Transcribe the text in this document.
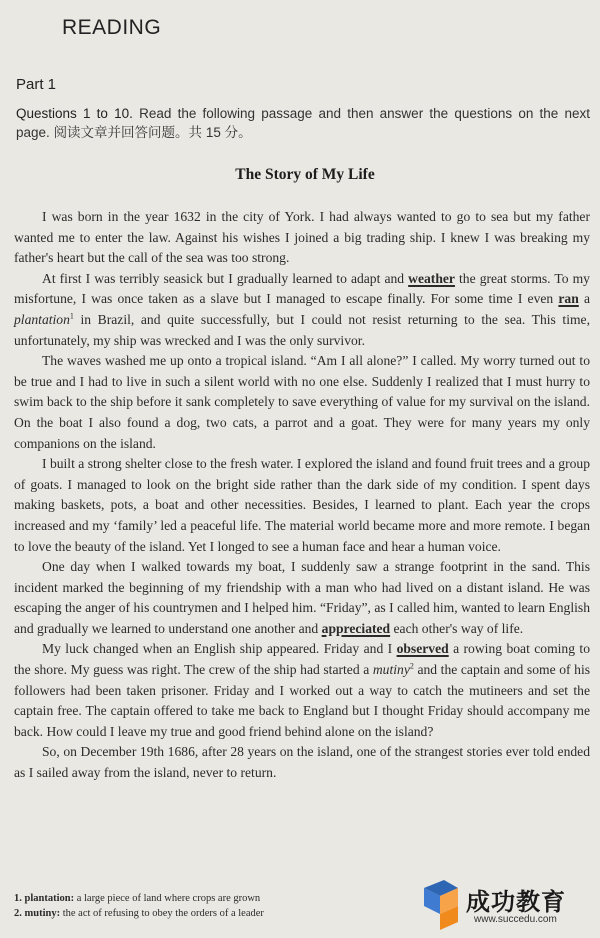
READING
Part 1
Questions 1 to 10. Read the following passage and then answer the questions on the next page. 阅读文章并回答问题。共 15 分。
The Story of My Life

I was born in the year 1632 in the city of York. I had always wanted to go to sea but my father wanted me to enter the law. Against his wishes I joined a big trading ship. I knew I was breaking my father's heart but the call of the sea was too strong.

At first I was terribly seasick but I gradually learned to adapt and weather the great storms. To my misfortune, I was once taken as a slave but I managed to escape finally. For some time I even ran a plantation$^1$ in Brazil, and quite successfully, but I could not resist returning to the sea. This time, unfortunately, my ship was wrecked and I was the only survivor.

The waves washed me up onto a tropical island. “Am I all alone?” I called. My worry turned out to be true and I had to live in such a silent world with no one else. Suddenly I realized that I must hurry to swim back to the ship before it sank completely to save everything of value for my survival on the island. On the boat I also found a dog, two cats, a parrot and a goat. They were for many years my only companions on the island.

I built a strong shelter close to the fresh water. I explored the island and found fruit trees and a group of goats. I managed to look on the bright side rather than the dark side of my condition. I spent days making baskets, pots, a boat and other necessities. Besides, I learned to plant. Each year the crops increased and my ‘family’ led a peaceful life. The material world became more and more remote. I began to love the beauty of the island. Yet I longed to see a human face and hear a human voice.

One day when I walked towards my boat, I suddenly saw a strange footprint in the sand. This incident marked the beginning of my friendship with a man who had lived on a distant island. He was escaping the anger of his countrymen and I helped him. “Friday”, as I called him, wanted to learn English and gradually we learned to understand one another and appreciated each other's way of life.

My luck changed when an English ship appeared. Friday and I observed a rowing boat coming to the shore. My guess was right. The crew of the ship had started a mutiny$^2$ and the captain and some of his followers had been taken prisoner. Friday and I worked out a way to catch the mutineers and set the captain free. The captain offered to take me back to England but I thought Friday should accompany me back. How could I leave my true and good friend behind alone on the island?

So, on December 19th 1686, after 28 years on the island, one of the strangest stories ever told ended as I sailed away from the island, never to return.

1. plantation: a large piece of land where crops are grown
2. mutiny: the act of refusing to obey the orders of a leader	成功教育
www.succedu.com
